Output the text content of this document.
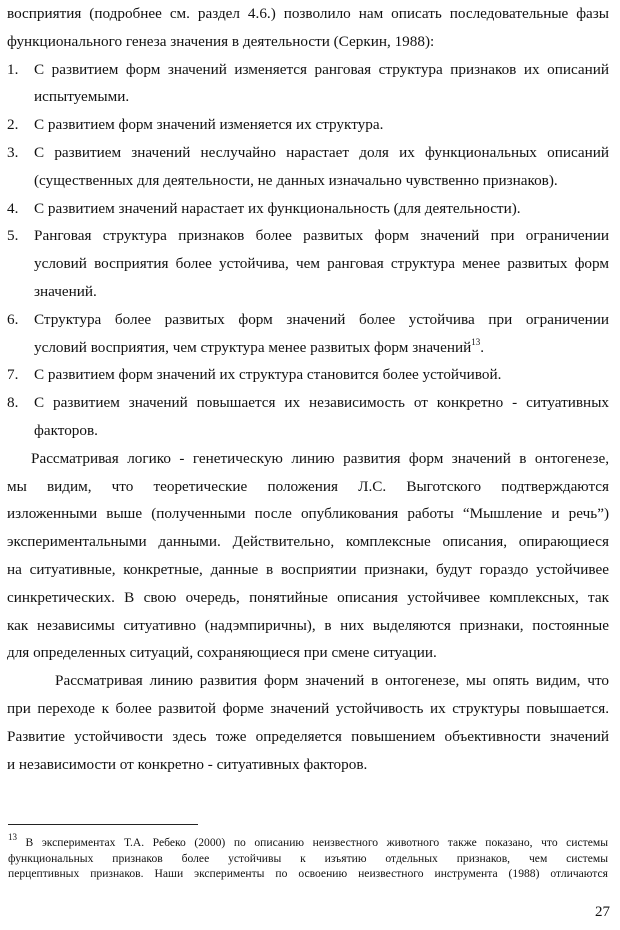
восприятия (подробнее см. раздел 4.6.) позволило нам описать последовательные фазы
функционального генеза значения в деятельности (Серкин, 1988):
1. С развитием форм значений изменяется ранговая структура признаков их описаний
испытуемыми.
2. С развитием форм значений изменяется их структура.
3. С развитием значений неслучайно нарастает доля их функциональных описаний
(существенных для деятельности, не данных изначально чувственно признаков).
4. С развитием значений нарастает их функциональность (для деятельности).
5. Ранговая структура признаков более развитых форм значений при ограничении
условий восприятия более устойчива, чем ранговая структура менее развитых форм
значений.
6. Структура более развитых форм значений более устойчива при ограничении
условий восприятия, чем структура менее развитых форм значений$^{13}$.
7. С развитием форм значений их структура становится более устойчивой.
8. С развитием значений повышается их независимость от конкретно - ситуативных
факторов.
Рассматривая логико - генетическую линию развития форм значений в онтогенезе,
мы видим, что теоретические положения Л.С. Выготского подтверждаются
изложенными выше (полученными после опубликования работы “Мышление и речь”)
экспериментальными данными. Действительно, комплексные описания, опирающиеся
на ситуативные, конкретные, данные в восприятии признаки, будут гораздо устойчивее
синкретических. В свою очередь, понятийные описания устойчивее комплексных, так
как независимы ситуативно (надэмпиричны), в них выделяются признаки, постоянные
для определенных ситуаций, сохраняющиеся при смене ситуации.
Рассматривая линию развития форм значений в онтогенезе, мы опять видим, что
при переходе к более развитой форме значений устойчивость их структуры повышается.
Развитие устойчивости здесь тоже определяется повышением объективности значений
и независимости от конкретно - ситуативных факторов.
$^{13}$ В экспериментах Т.А. Ребеко (2000) по описанию неизвестного животного также показано, что системы
функциональных признаков более устойчивы к изъятию отдельных признаков, чем системы
перцептивных признаков. Наши эксперименты по освоению неизвестного инструмента (1988) отличаются
27
